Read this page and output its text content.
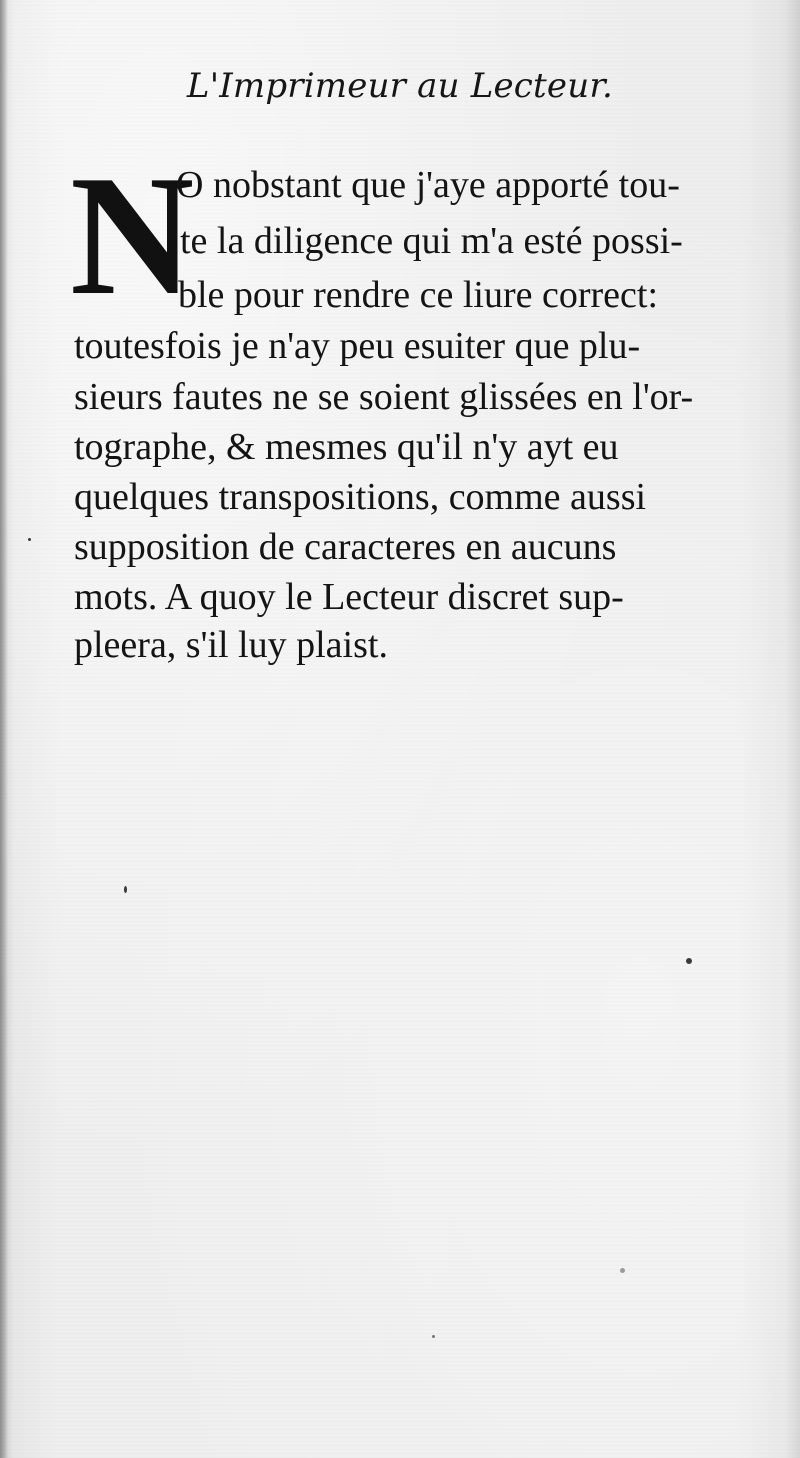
L'Imprimeur au Lecteur.
N
O nobstant que j'aye apporté tou-
te la diligence qui m'a esté possi-
ble pour rendre ce liure correct:
toutesfois je n'ay peu esuiter que plu-
sieurs fautes ne se soient glissées en l'or-
tographe, & mesmes qu'il n'y ayt eu
quelques transpositions, comme aussi
supposition de caracteres en aucuns
mots. A quoy le Lecteur discret sup-
pleera, s'il luy plaist.
